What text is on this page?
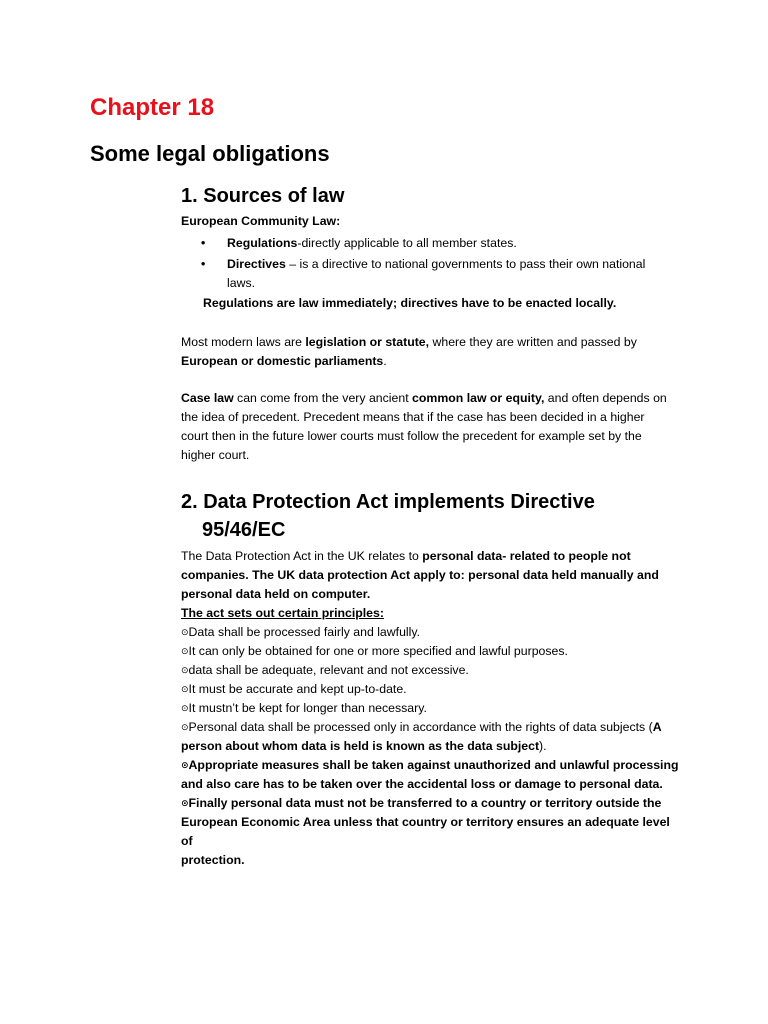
Chapter 18
Some legal obligations
1. Sources of law
European Community Law:
• Regulations-directly applicable to all member states.
• Directives – is a directive to national governments to pass their own national
laws.
Regulations are law immediately; directives have to be enacted locally.
Most modern laws are legislation or statute, where they are written and passed by
European or domestic parliaments.
Case law can come from the very ancient common law or equity, and often depends on
the idea of precedent. Precedent means that if the case has been decided in a higher
court then in the future lower courts must follow the precedent for example set by the
higher court.
2. Data Protection Act implements Directive
95/46/EC
The Data Protection Act in the UK relates to personal data- related to people not
companies. The UK data protection Act apply to: personal data held manually and
personal data held on computer.
The act sets out certain principles:
⊙Data shall be processed fairly and lawfully.
⊙It can only be obtained for one or more specified and lawful purposes.
⊙data shall be adequate, relevant and not excessive.
⊙It must be accurate and kept up-to-date.
⊙It mustn’t be kept for longer than necessary.
⊙Personal data shall be processed only in accordance with the rights of data subjects (A
person about whom data is held is known as the data subject).
⊙Appropriate measures shall be taken against unauthorized and unlawful processing
and also care has to be taken over the accidental loss or damage to personal data.
⊙Finally personal data must not be transferred to a country or territory outside the
European Economic Area unless that country or territory ensures an adequate level of
protection.
